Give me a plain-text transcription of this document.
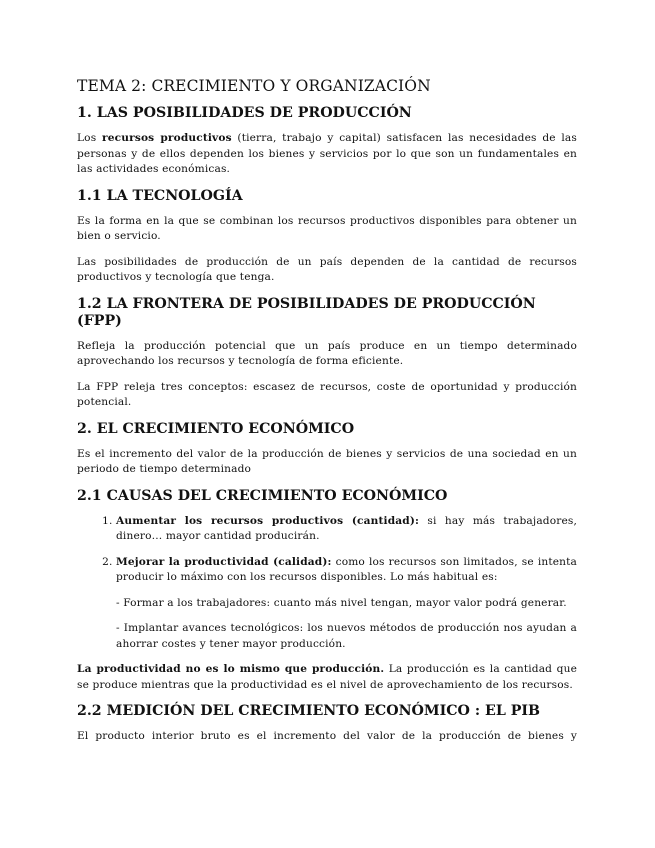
TEMA 2: CRECIMIENTO Y ORGANIZACIÓN
1. LAS POSIBILIDADES DE PRODUCCIÓN

Los recursos productivos (tierra, trabajo y capital) satisfacen las necesidades de las personas y de ellos dependen los bienes y servicios por lo que son un fundamentales en las actividades económicas.

1.1 LA TECNOLOGÍA

Es la forma en la que se combinan los recursos productivos disponibles para obtener un bien o servicio.

Las posibilidades de producción de un país dependen de la cantidad de recursos productivos y tecnología que tenga.

1.2 LA FRONTERA DE POSIBILIDADES DE PRODUCCIÓN (FPP)

Refleja la producción potencial que un país produce en un tiempo determinado aprovechando los recursos y tecnología de forma eficiente.

La FPP releja tres conceptos: escasez de recursos, coste de oportunidad y producción potencial.

2. EL CRECIMIENTO ECONÓMICO

Es el incremento del valor de la producción de bienes y servicios de una sociedad en un periodo de tiempo determinado

2.1 CAUSAS DEL CRECIMIENTO ECONÓMICO
1. Aumentar los recursos productivos (cantidad): si hay más trabajadores, dinero… mayor cantidad producirán.
2. Mejorar la productividad (calidad): como los recursos son limitados, se intenta producir lo máximo con los recursos disponibles. Lo más habitual es:
- Formar a los trabajadores: cuanto más nivel tengan, mayor valor podrá generar.
- Implantar avances tecnológicos: los nuevos métodos de producción nos ayudan a ahorrar costes y tener mayor producción.

La productividad no es lo mismo que producción. La producción es la cantidad que se produce mientras que la productividad es el nivel de aprovechamiento de los recursos.

2.2 MEDICIÓN DEL CRECIMIENTO ECONÓMICO : EL PIB

El producto interior bruto es el incremento del valor de la producción de bienes y
